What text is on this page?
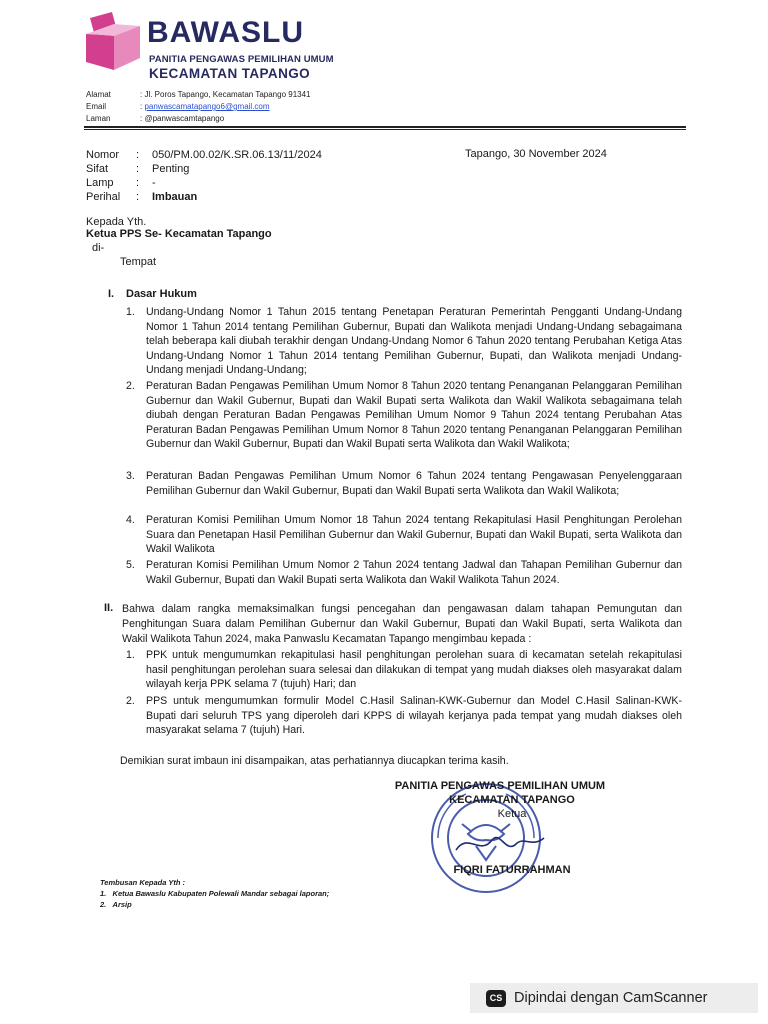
BAWASLU
PANITIA PENGAWAS PEMILIHAN UMUM
KECAMATAN TAPANGO
Alamat	: Jl. Poros Tapango, Kecamatan Tapango 91341
Email	: panwascamatapango6@gmail.com
Laman	: @panwascamtapango
Nomor : 050/PM.00.02/K.SR.06.13/11/2024
Sifat	: Penting
Lamp : -
Perihal : Imbauan
Tapango, 30 November 2024
Kepada Yth.
Ketua PPS Se- Kecamatan Tapango
di-
Tempat
I. Dasar Hukum
1. Undang-Undang Nomor 1 Tahun 2015 tentang Penetapan Peraturan Pemerintah Pengganti Undang-Undang Nomor 1 Tahun 2014 tentang Pemilihan Gubernur, Bupati dan Walikota menjadi Undang-Undang sebagaimana telah beberapa kali diubah terakhir dengan Undang-Undang Nomor 6 Tahun 2020 tentang Perubahan Ketiga Atas Undang-Undang Nomor 1 Tahun 2014 tentang Pemilihan Gubernur, Bupati, dan Walikota menjadi Undang-Undang menjadi Undang-Undang;
2. Peraturan Badan Pengawas Pemilihan Umum Nomor 8 Tahun 2020 tentang Penanganan Pelanggaran Pemilihan Gubernur dan Wakil Gubernur, Bupati dan Wakil Bupati serta Walikota dan Wakil Walikota sebagaimana telah diubah dengan Peraturan Badan Pengawas Pemilihan Umum Nomor 9 Tahun 2024 tentang Perubahan Atas Peraturan Badan Pengawas Pemilihan Umum Nomor 8 Tahun 2020 tentang Penanganan Pelanggaran Pemilihan Gubernur dan Wakil Gubernur, Bupati dan Wakil Bupati serta Walikota dan Wakil Walikota;
3. Peraturan Badan Pengawas Pemilihan Umum Nomor 6 Tahun 2024 tentang Pengawasan Penyelenggaraan Pemilihan Gubernur dan Wakil Gubernur, Bupati dan Wakil Bupati serta Walikota dan Wakil Walikota;
4. Peraturan Komisi Pemilihan Umum Nomor 18 Tahun 2024 tentang Rekapitulasi Hasil Penghitungan Perolehan Suara dan Penetapan Hasil Pemilihan Gubernur dan Wakil Gubernur, Bupati dan Wakil Bupati, serta Walikota dan Wakil Walikota
5. Peraturan Komisi Pemilihan Umum Nomor 2 Tahun 2024 tentang Jadwal dan Tahapan Pemilihan Gubernur dan Wakil Gubernur, Bupati dan Wakil Bupati serta Walikota dan Wakil Walikota Tahun 2024.
II. Bahwa dalam rangka memaksimalkan fungsi pencegahan dan pengawasan dalam tahapan Pemungutan dan Penghitungan Suara dalam Pemilihan Gubernur dan Wakil Gubernur, Bupati dan Wakil Bupati, serta Walikota dan Wakil Walikota Tahun 2024, maka Panwaslu Kecamatan Tapango mengimbau kepada :
1. PPK untuk mengumumkan rekapitulasi hasil penghitungan perolehan suara di kecamatan setelah rekapitulasi hasil penghitungan perolehan suara selesai dan dilakukan di tempat yang mudah diakses oleh masyarakat dalam wilayah kerja PPK selama 7 (tujuh) Hari; dan
2. PPS untuk mengumumkan formulir Model C.Hasil Salinan-KWK-Gubernur dan Model C.Hasil Salinan-KWK-Bupati dari seluruh TPS yang diperoleh dari KPPS di wilayah kerjanya pada tempat yang mudah diakses oleh masyarakat selama 7 (tujuh) Hari.
Demikian surat imbaun ini disampaikan, atas perhatiannya diucapkan terima kasih.
PANITIA PENGAWAS PEMILIHAN UMUM
KECAMATAN TAPANGO
Ketua
FIQRI FATURRAHMAN
Tembusan Kepada Yth :
1. Ketua Bawaslu Kabupaten Polewali Mandar sebagai laporan;
2. Arsip
CS Dipindai dengan CamScanner
